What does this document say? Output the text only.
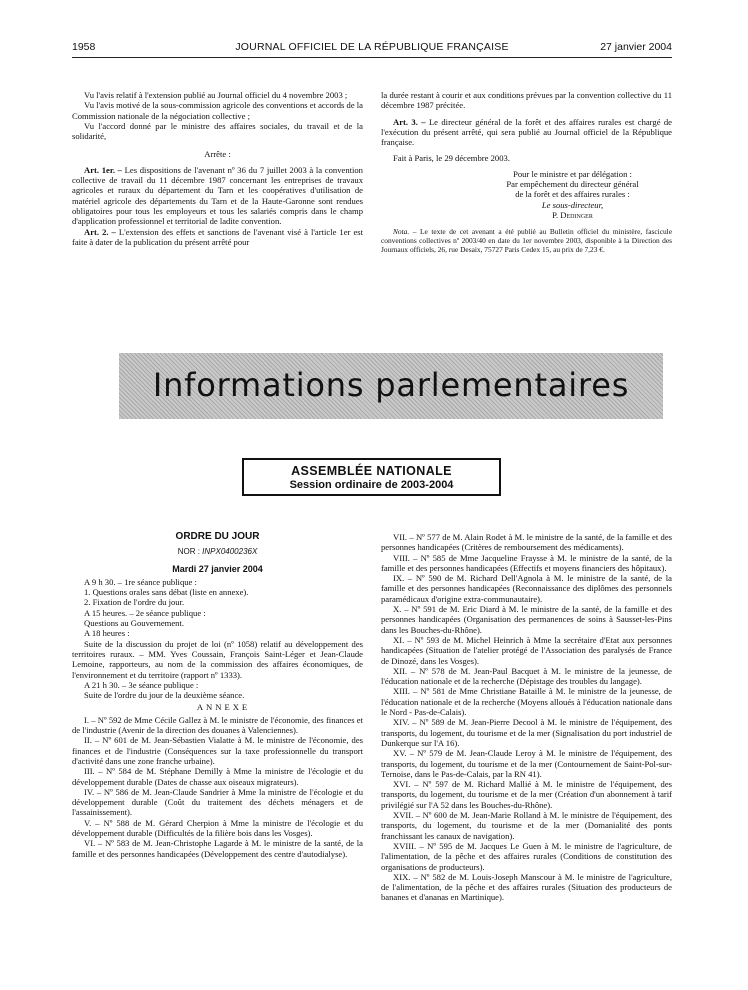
1958	JOURNAL OFFICIEL DE LA RÉPUBLIQUE FRANÇAISE	27 janvier 2004

Vu l'avis relatif à l'extension publié au Journal officiel du 4 novembre 2003 ;

Vu l'avis motivé de la sous-commission agricole des conventions et accords de la Commission nationale de la négociation collective ;

Vu l'accord donné par le ministre des affaires sociales, du travail et de la solidarité,

Arrête :

Art. 1er. – Les dispositions de l'avenant nº 36 du 7 juillet 2003 à la convention collective de travail du 11 décembre 1987 concernant les entreprises de travaux agricoles et ruraux du département du Tarn et les coopératives d'utilisation de matériel agricole des départements du Tarn et de la Haute-Garonne sont rendues obligatoires pour tous les employeurs et tous les salariés compris dans le champ d'application professionnel et territorial de ladite convention.

Art. 2. – L'extension des effets et sanctions de l'avenant visé à l'article 1er est faite à dater de la publication du présent arrêté pour

la durée restant à courir et aux conditions prévues par la convention collective du 11 décembre 1987 précitée.

Art. 3. – Le directeur général de la forêt et des affaires rurales est chargé de l'exécution du présent arrêté, qui sera publié au Journal officiel de la République française.

Fait à Paris, le 29 décembre 2003.

Pour le ministre et par délégation :

Par empêchement du directeur général

de la forêt et des affaires rurales :

Le sous-directeur,

P. Dedinger

Nota. – Le texte de cet avenant a été publié au Bulletin officiel du ministère, fascicule conventions collectives nº 2003/40 en date du 1er novembre 2003, disponible à la Direction des Journaux officiels, 26, rue Desaix, 75727 Paris Cedex 15, au prix de 7,23 €.

Informations parlementaires
ASSEMBLÉE NATIONALE
Session ordinaire de 2003-2004
ORDRE DU JOUR
NOR : INPX0400236X
Mardi 27 janvier 2004

A 9 h 30. – 1re séance publique :

1. Questions orales sans débat (liste en annexe).

2. Fixation de l'ordre du jour.

A 15 heures. – 2e séance publique :

Questions au Gouvernement.

A 18 heures :

Suite de la discussion du projet de loi (nº 1058) relatif au développement des territoires ruraux. – MM. Yves Coussain, François Saint-Léger et Jean-Claude Lemoine, rapporteurs, au nom de la commission des affaires économiques, de l'environnement et du territoire (rapport nº 1333).

A 21 h 30. – 3e séance publique :

Suite de l'ordre du jour de la deuxième séance.

ANNEXE

I. – Nº 592 de Mme Cécile Gallez à M. le ministre de l'économie, des finances et de l'industrie (Avenir de la direction des douanes à Valenciennes).

II. – Nº 601 de M. Jean-Sébastien Vialatte à M. le ministre de l'économie, des finances et de l'industrie (Conséquences sur la taxe professionnelle du transport d'activité dans une zone franche urbaine).

III. – Nº 584 de M. Stéphane Demilly à Mme la ministre de l'écologie et du développement durable (Dates de chasse aux oiseaux migrateurs).

IV. – Nº 586 de M. Jean-Claude Sandrier à Mme la ministre de l'écologie et du développement durable (Coût du traitement des déchets ménagers et de l'assainissement).

V. – Nº 588 de M. Gérard Cherpion à Mme la ministre de l'écologie et du développement durable (Difficultés de la filière bois dans les Vosges).

VI. – Nº 583 de M. Jean-Christophe Lagarde à M. le ministre de la santé, de la famille et des personnes handicapées (Développement des centre d'autodialyse).

VII. – Nº 577 de M. Alain Rodet à M. le ministre de la santé, de la famille et des personnes handicapées (Critères de remboursement des médicaments).

VIII. – Nº 585 de Mme Jacqueline Fraysse à M. le ministre de la santé, de la famille et des personnes handicapées (Effectifs et moyens financiers des hôpitaux).

IX. – Nº 590 de M. Richard Dell'Agnola à M. le ministre de la santé, de la famille et des personnes handicapées (Reconnaissance des diplômes des personnels paramédicaux d'origine extra-communautaire).

X. – Nº 591 de M. Eric Diard à M. le ministre de la santé, de la famille et des personnes handicapées (Organisation des permanences de soins à Sausset-les-Pins dans les Bouches-du-Rhône).

XI. – Nº 593 de M. Michel Heinrich à Mme la secrétaire d'Etat aux personnes handicapées (Situation de l'atelier protégé de l'Association des paralysés de France de Dinozé, dans les Vosges).

XII. – Nº 578 de M. Jean-Paul Bacquet à M. le ministre de la jeunesse, de l'éducation nationale et de la recherche (Dépistage des troubles du langage).

XIII. – Nº 581 de Mme Christiane Bataille à M. le ministre de la jeunesse, de l'éducation nationale et de la recherche (Moyens alloués à l'éducation nationale dans le Nord - Pas-de-Calais).

XIV. – Nº 589 de M. Jean-Pierre Decool à M. le ministre de l'équipement, des transports, du logement, du tourisme et de la mer (Signalisation du port industriel de Dunkerque sur l'A 16).

XV. – Nº 579 de M. Jean-Claude Leroy à M. le ministre de l'équipement, des transports, du logement, du tourisme et de la mer (Contournement de Saint-Pol-sur-Ternoise, dans le Pas-de-Calais, par la RN 41).

XVI. – Nº 597 de M. Richard Mallié à M. le ministre de l'équipement, des transports, du logement, du tourisme et de la mer (Création d'un abonnement à tarif privilégié sur l'A 52 dans les Bouches-du-Rhône).

XVII. – Nº 600 de M. Jean-Marie Rolland à M. le ministre de l'équipement, des transports, du logement, du tourisme et de la mer (Domanialité des ponts franchissant les canaux de navigation).

XVIII. – Nº 595 de M. Jacques Le Guen à M. le ministre de l'agriculture, de l'alimentation, de la pêche et des affaires rurales (Conditions de constitution des organisations de producteurs).

XIX. – Nº 582 de M. Louis-Joseph Manscour à M. le ministre de l'agriculture, de l'alimentation, de la pêche et des affaires rurales (Situation des producteurs de bananes et d'ananas en Martinique).
